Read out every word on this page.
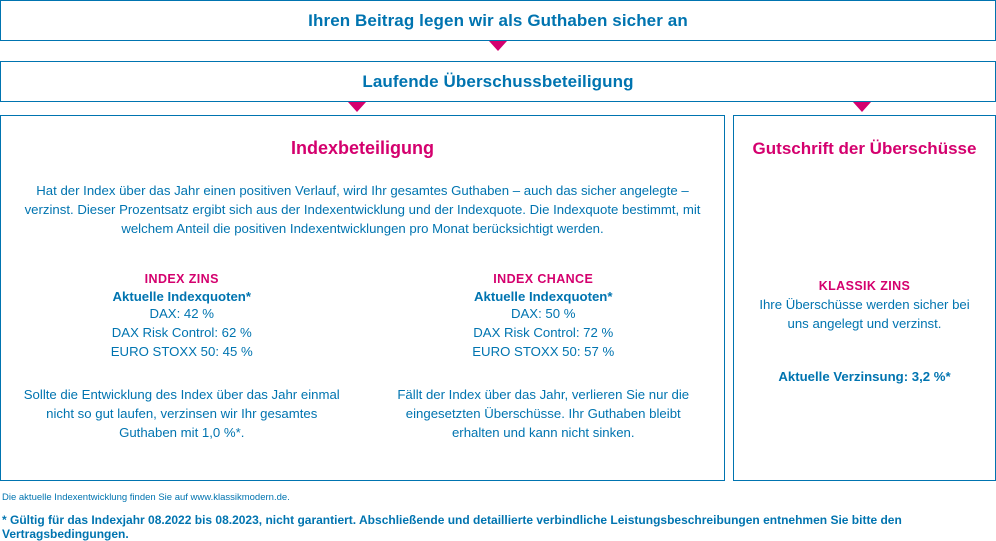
Ihren Beitrag legen wir als Guthaben sicher an
Laufende Überschussbeteiligung
Indexbeteiligung
Hat der Index über das Jahr einen positiven Verlauf, wird Ihr gesamtes Guthaben – auch das sicher angelegte – verzinst. Dieser Prozentsatz ergibt sich aus der Indexentwicklung und der Indexquote. Die Indexquote bestimmt, mit welchem Anteil die positiven Indexentwicklungen pro Monat berücksichtigt werden.
INDEX ZINS
Aktuelle Indexquoten*
DAX: 42 %
DAX Risk Control: 62 %
EURO STOXX 50: 45 %
Sollte die Entwicklung des Index über das Jahr einmal nicht so gut laufen, verzinsen wir Ihr gesamtes Guthaben mit 1,0 %*.
INDEX CHANCE
Aktuelle Indexquoten*
DAX: 50 %
DAX Risk Control: 72 %
EURO STOXX 50: 57 %
Fällt der Index über das Jahr, verlieren Sie nur die eingesetzten Überschüsse. Ihr Guthaben bleibt erhalten und kann nicht sinken.
Gutschrift der Überschüsse
KLASSIK ZINS
Ihre Überschüsse werden sicher bei uns angelegt und verzinst.
Aktuelle Verzinsung: 3,2 %*
Die aktuelle Indexentwicklung finden Sie auf www.klassikmodern.de.
* Gültig für das Indexjahr 08.2022 bis 08.2023, nicht garantiert. Abschließende und detaillierte verbindliche Leistungsbeschreibungen entnehmen Sie bitte den Vertragsbedingungen.
